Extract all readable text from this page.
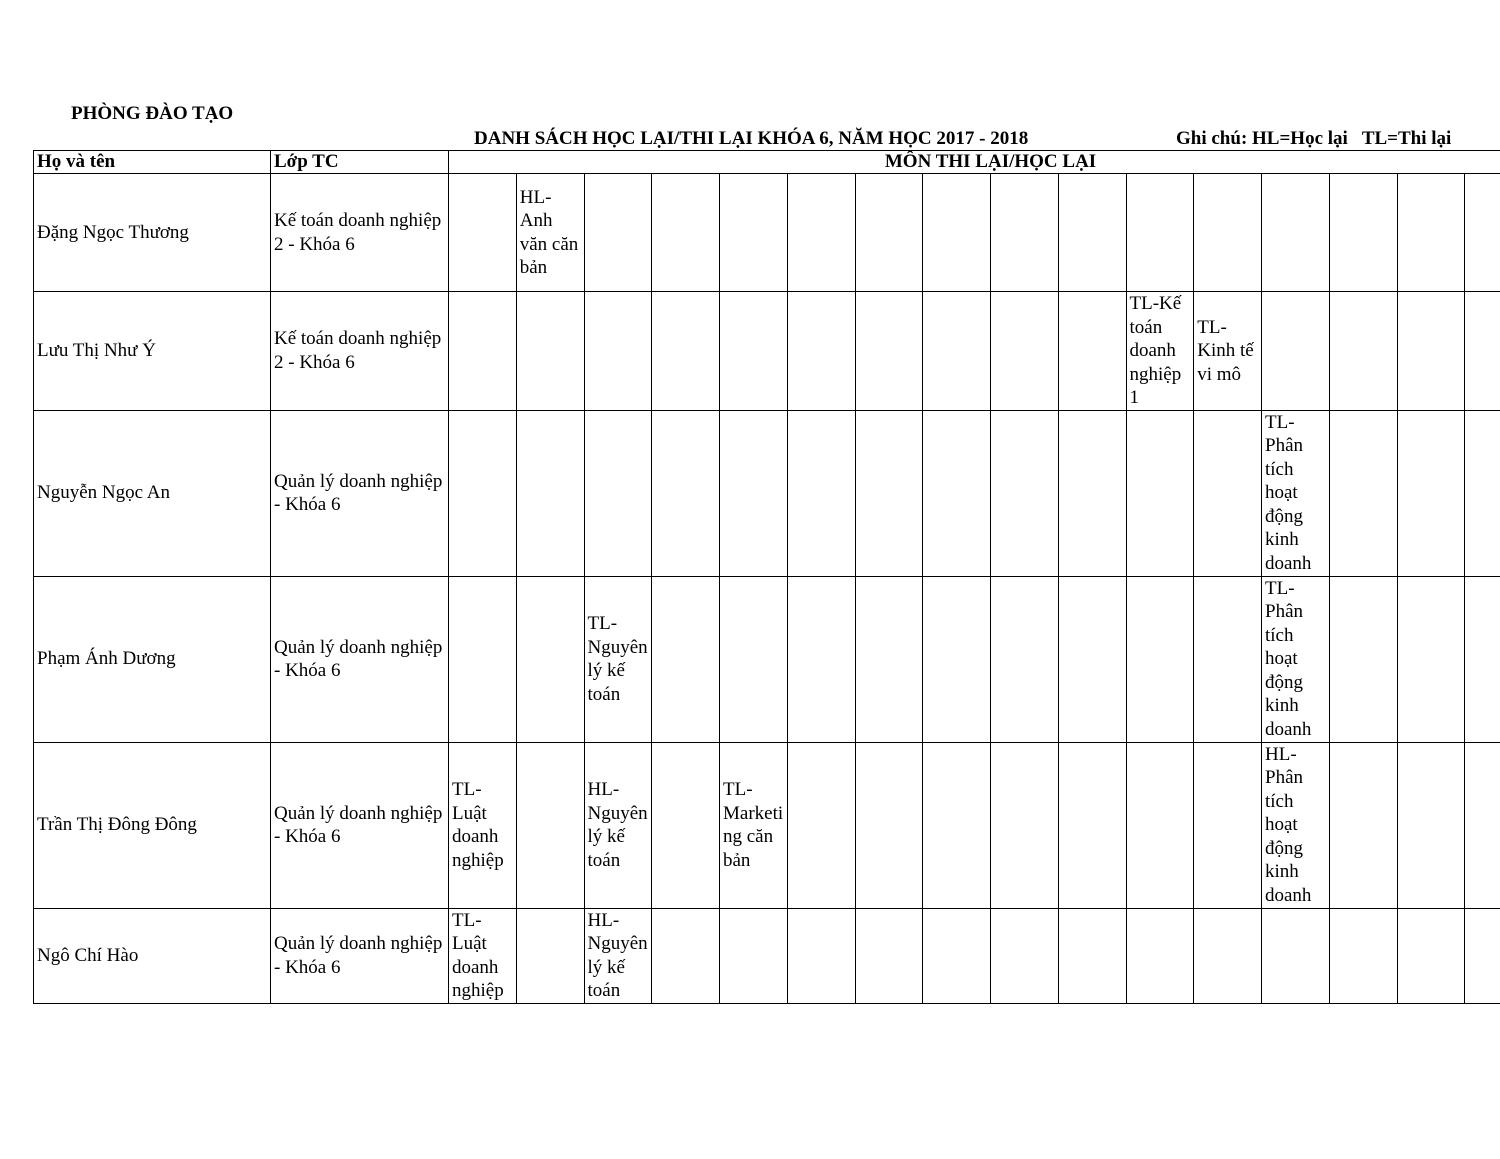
PHÒNG ĐÀO TẠO
DANH SÁCH HỌC LẠI/THI LẠI KHÓA 6, NĂM HỌC 2017 - 2018	Ghi chú: HL=Học lại TL=Thi lại
Họ và tên	Lớp TC	MÔN THI LẠI/HỌC LẠI															
Đặng Ngọc Thương	Kế toán doanh nghiệp 2 - Khóa 6		HL-Anh văn căn bản														
Lưu Thị Như Ý	Kế toán doanh nghiệp 2 - Khóa 6											TL-Kế toán doanh nghiệp 1	TL-Kinh tế vi mô				
Nguyễn Ngọc An	Quản lý doanh nghiệp - Khóa 6													TL-Phân tích hoạt động kinh doanh			
Phạm Ánh Dương	Quản lý doanh nghiệp - Khóa 6			TL-Nguyên lý kế toán										TL-Phân tích hoạt động kinh doanh			
Trần Thị Đông Đông	Quản lý doanh nghiệp - Khóa 6	TL-Luật doanh nghiệp		HL-Nguyên lý kế toán		TL-Marketing căn bản								HL-Phân tích hoạt động kinh doanh			
Ngô Chí Hào	Quản lý doanh nghiệp - Khóa 6	TL-Luật doanh nghiệp		HL-Nguyên lý kế toán													
